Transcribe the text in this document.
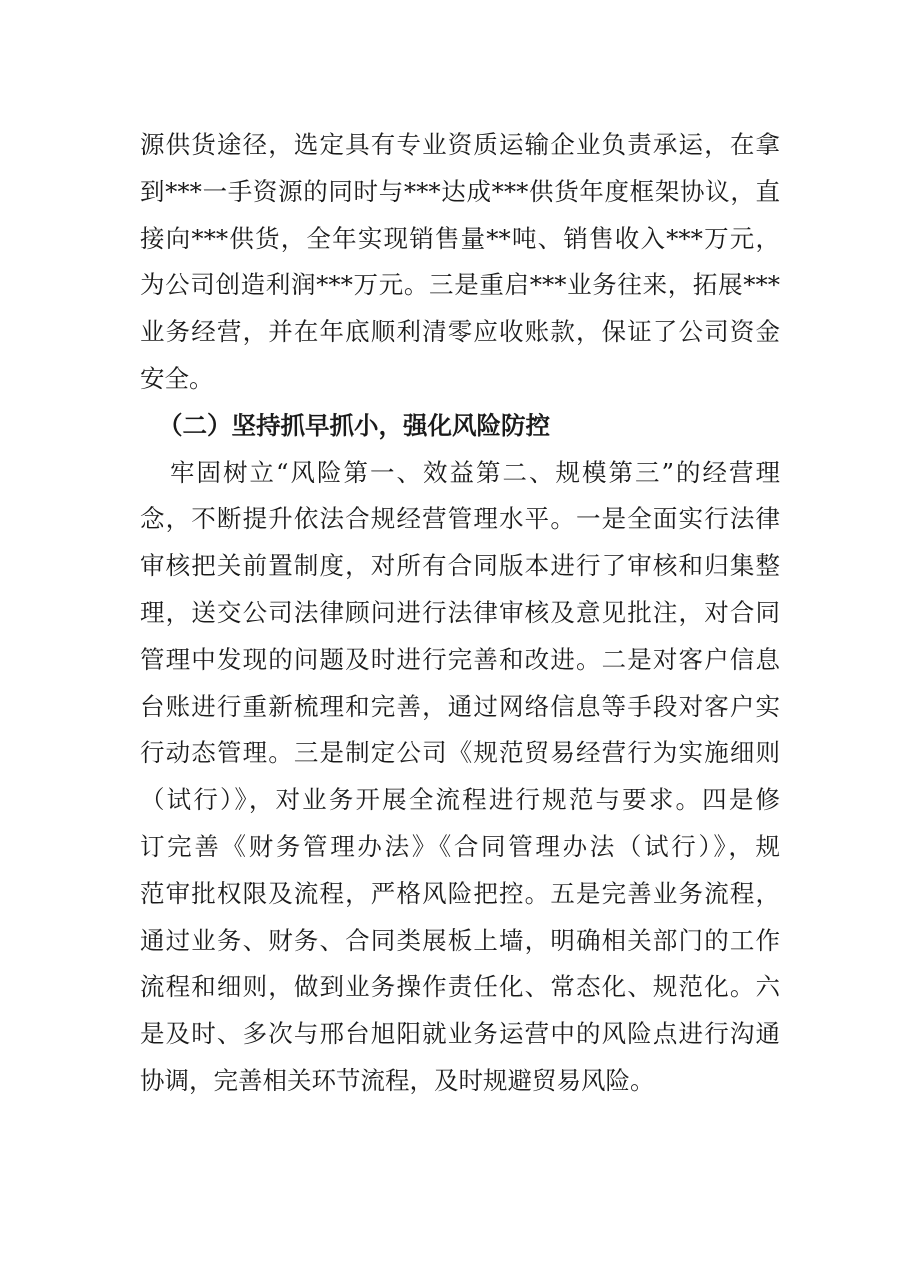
源供货途径，选定具有专业资质运输企业负责承运，在拿
到***一手资源的同时与***达成***供货年度框架协议，直
接向***供货，全年实现销售量**吨、销售收入***万元，
为公司创造利润***万元。三是重启***业务往来，拓展***
业务经营，并在年底顺利清零应收账款，保证了公司资金
安全。
（二）坚持抓早抓小，强化风险防控
牢固树立“风险第一、效益第二、规模第三”的经营理
念，不断提升依法合规经营管理水平。一是全面实行法律
审核把关前置制度，对所有合同版本进行了审核和归集整
理，送交公司法律顾问进行法律审核及意见批注，对合同
管理中发现的问题及时进行完善和改进。二是对客户信息
台账进行重新梳理和完善，通过网络信息等手段对客户实
行动态管理。三是制定公司《规范贸易经营行为实施细则
（试行）》，对业务开展全流程进行规范与要求。四是修
订完善《财务管理办法》《合同管理办法（试行）》，规
范审批权限及流程，严格风险把控。五是完善业务流程，
通过业务、财务、合同类展板上墙，明确相关部门的工作
流程和细则，做到业务操作责任化、常态化、规范化。六
是及时、多次与邢台旭阳就业务运营中的风险点进行沟通
协调，完善相关环节流程，及时规避贸易风险。
